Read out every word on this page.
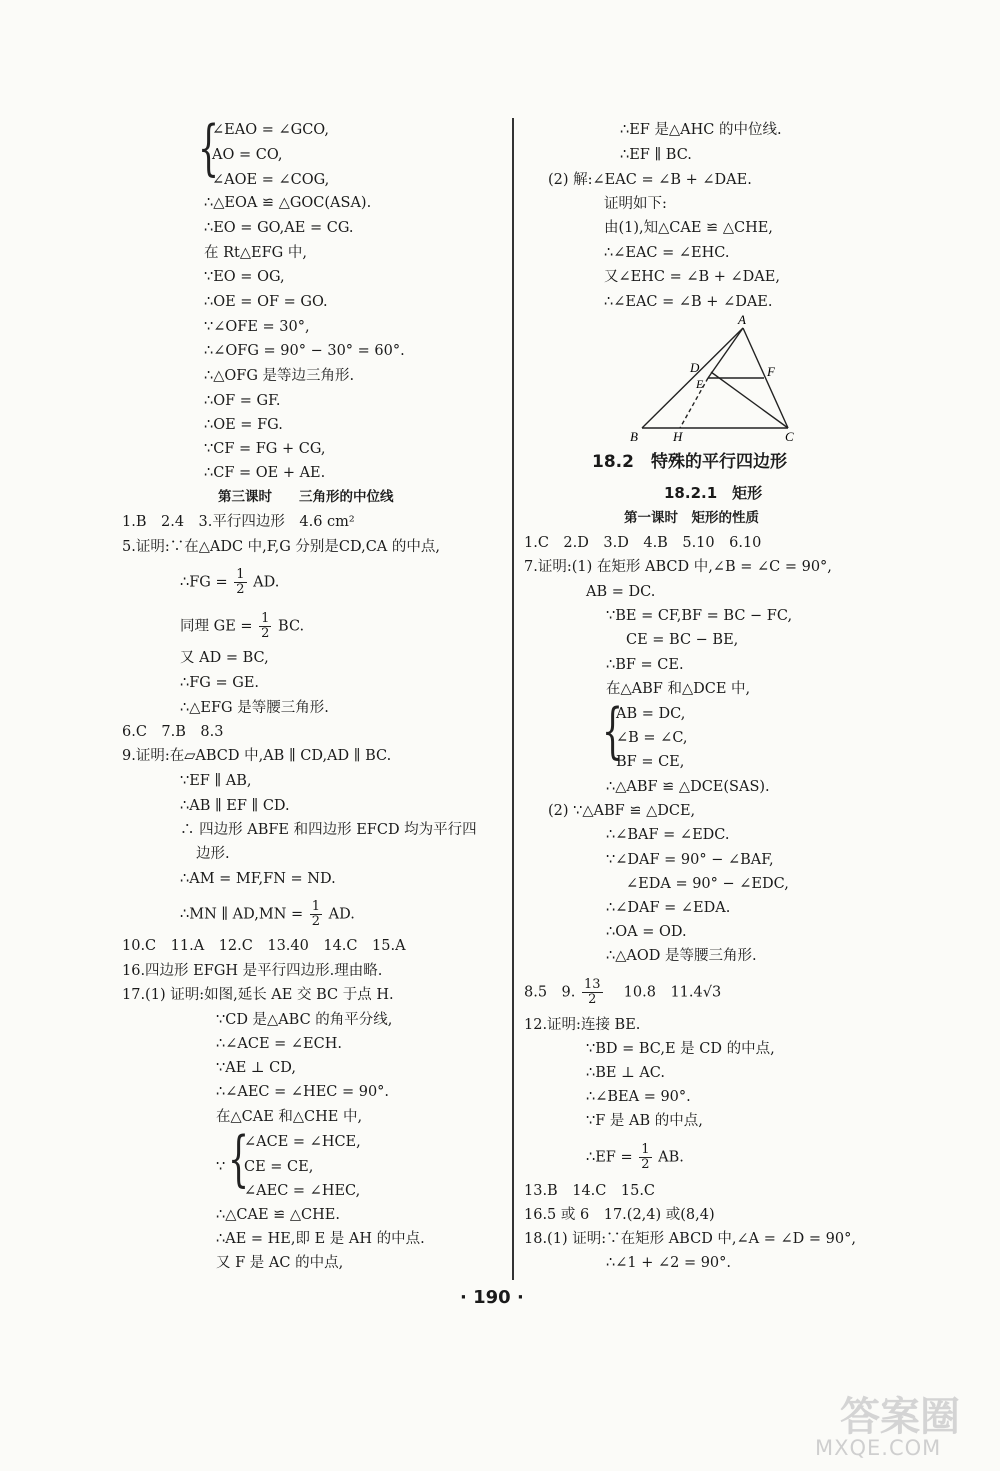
{
∠EAO = ∠GCO,
AO = CO,
∠AOE = ∠COG,
∴△EOA ≌ △GOC(ASA).
∴EO = GO,AE = CG.
在 Rt△EFG 中,
∵EO = OG,
∴OE = OF = GO.
∵∠OFE = 30°,
∴∠OFG = 90° − 30° = 60°.
∴△OFG 是等边三角形.
∴OF = GF.
∴OE = FG.
∵CF = FG + CG,
∴CF = OE + AE.
第三课时　　三角形的中位线
1.B　2.4　3.平行四边形　4.6 cm²
5.证明:∵在△ADC 中,F,G 分别是CD,CA 的中点,
∴FG = $\frac{1}{2}$ AD.
同理 GE = $\frac{1}{2}$ BC.
又 AD = BC,
∴FG = GE.
∴△EFG 是等腰三角形.
6.C　7.B　8.3
9.证明:在▱ABCD 中,AB ∥ CD,AD ∥ BC.
∵EF ∥ AB,
∴AB ∥ EF ∥ CD.
∴ 四边形 ABFE 和四边形 EFCD 均为平行四
边形.
∴AM = MF,FN = ND.
∴MN ∥ $AD,MN = \frac{1}{2}$ AD.
10.C　11.A　12.C　13.40　14.C　15.A
16.四边形 EFGH 是平行四边形.理由略.
17.(1) 证明:如图,延长 AE 交 BC 于点 H.
∵CD 是△ABC 的角平分线,
∴∠ACE = ∠ECH.
∵AE ⊥ CD,
∴∠AEC = ∠HEC = 90°.
在△CAE 和△CHE 中,
∵ {
∠ACE = ∠HCE,
CE = CE,
∠AEC = ∠HEC,
∴△CAE ≌ △CHE.
∴AE = HE,即 E 是 AH 的中点.
又 F 是 AC 的中点,
∴EF 是△AHC 的中位线.
∴EF ∥ BC.
(2) 解:∠EAC = ∠B + ∠DAE.
证明如下:
由(1),知△CAE ≌ △CHE,
∴∠EAC = ∠EHC.
又∠EHC = ∠B + ∠DAE,
∴∠EAC = ∠B + ∠DAE.
A
B	C
D
E
F
H
18.2　特殊的平行四边形
18.2.1　矩形
第一课时　矩形的性质
1.C　2.D　3.D　4.B　5.10　6.10
7.证明:(1) 在矩形 ABCD 中,∠B = ∠C = 90°,
AB = DC.
∵BE = CF,BF = BC − FC,
CE = BC − BE,
∴BF = CE.
在△ABF 和△DCE 中,
{
AB = DC,
∠B = ∠C,
BF = CE,
∴△ABF ≌ △DCE(SAS).
(2) ∵△ABF ≌ △DCE,
∴∠BAF = ∠EDC.
∵∠DAF = 90° − ∠BAF,
∠EDA = 90° − ∠EDC,
∴∠DAF = ∠EDA.
∴OA = OD.
∴△AOD 是等腰三角形.
8.5　9. $\frac{13}{2}$ 　10.8　11.4√3
12.证明:连接 BE.
∵BD = BC,E 是 CD 的中点,
∴BE ⊥ AC.
∴∠BEA = 90°.
∵F 是 AB 的中点,
∴EF = $\frac{1}{2}$ AB.
13.B　14.C　15.C
16.5 或 6　17.(2,4) 或(8,4)
18.(1) 证明:∵在矩形 ABCD 中,∠A = ∠D = 90°,
∴∠1 + ∠2 = 90°.
· 190 ·
答案圈
MXQE.COM
